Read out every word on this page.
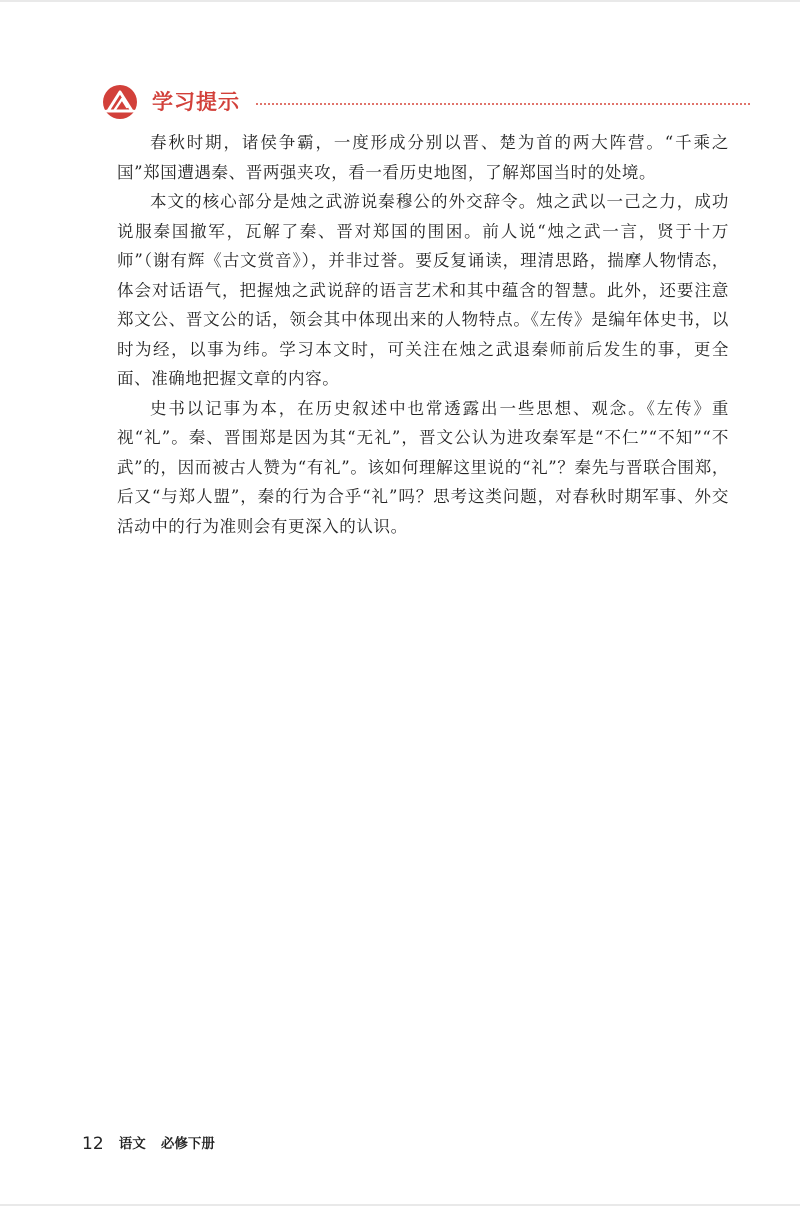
学习提示

春秋时期，诸侯争霸，一度形成分别以晋、楚为首的两大阵营。“千乘之国”郑国遭遇秦、晋两强夹攻，看一看历史地图，了解郑国当时的处境。

本文的核心部分是烛之武游说秦穆公的外交辞令。烛之武以一己之力，成功说服秦国撤军，瓦解了秦、晋对郑国的围困。前人说“烛之武一言，贤于十万师”（谢有辉《古文赏音》），并非过誉。要反复诵读，理清思路，揣摩人物情态，体会对话语气，把握烛之武说辞的语言艺术和其中蕴含的智慧。此外，还要注意郑文公、晋文公的话，领会其中体现出来的人物特点。《左传》是编年体史书，以时为经，以事为纬。学习本文时，可关注在烛之武退秦师前后发生的事，更全面、准确地把握文章的内容。

史书以记事为本，在历史叙述中也常透露出一些思想、观念。《左传》重视“礼”。秦、晋围郑是因为其“无礼”，晋文公认为进攻秦军是“不仁”“不知”“不武”的，因而被古人赞为“有礼”。该如何理解这里说的“礼”？秦先与晋联合围郑，后又“与郑人盟”，秦的行为合乎“礼”吗？思考这类问题，对春秋时期军事、外交活动中的行为准则会有更深入的认识。

12 语文 必修下册
